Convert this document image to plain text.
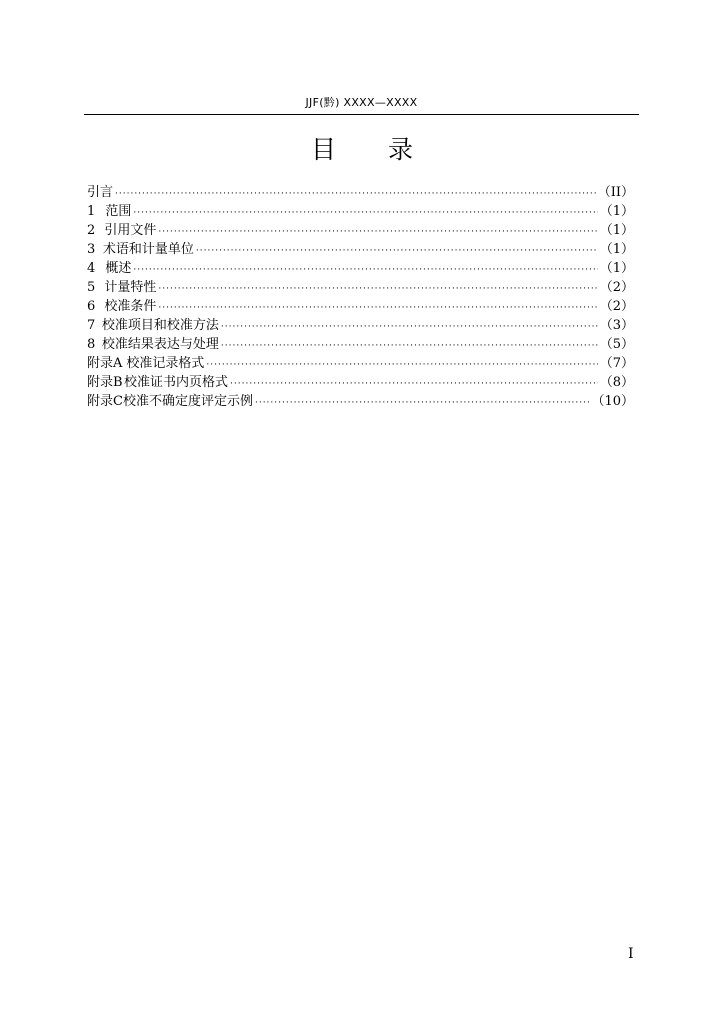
JJF(黔) XXXX—XXXX
目 录
引言 ·····	（II）
1 范围 ·····	（1）
2 引用文件 ·····	（1）
3 术语和计量单位 ·····	（1）
4 概述 ·····	（1）
5 计量特性 ·····	（2）
6 校准条件 ·····	（2）
7 校准项目和校准方法 ·····	（3）
8 校准结果表达与处理 ·····	（5）
附录A 校准记录格式 ·····	（7）
附录B 校准证书内页格式 ·····	（8）
附录C 校准不确定度评定示例 ·····	（10）
I
